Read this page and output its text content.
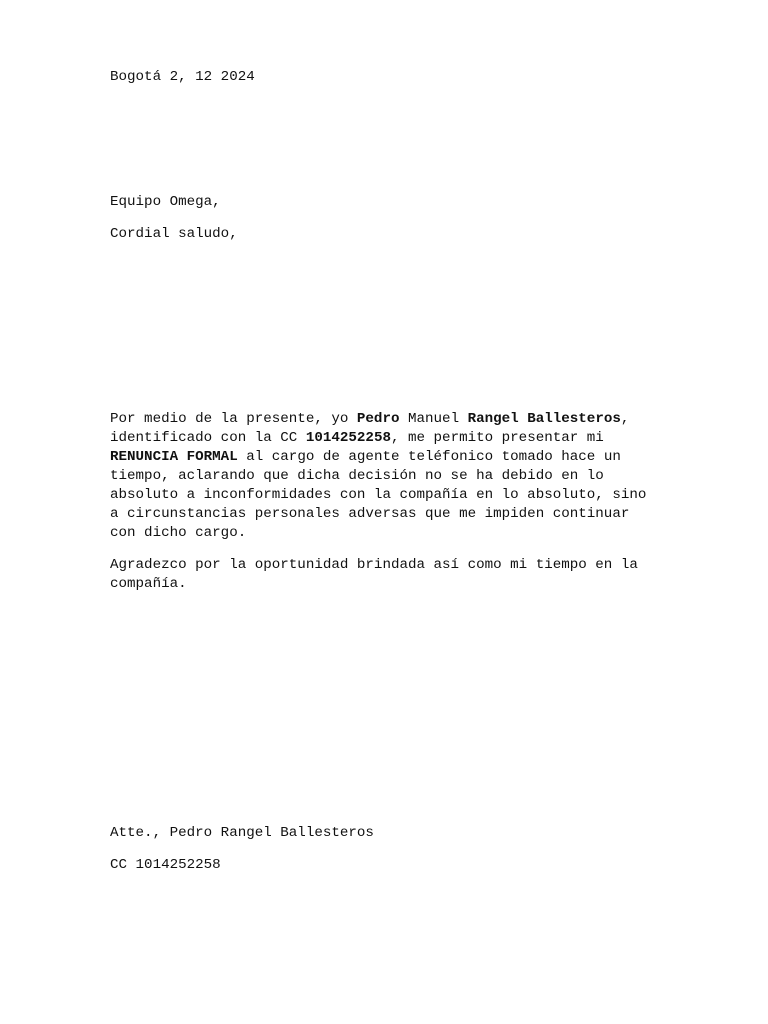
Bogotá 2, 12 2024
Equipo Omega,
Cordial saludo,
Por medio de la presente, yo Pedro Manuel Rangel Ballesteros,
identificado con la CC 1014252258, me permito presentar mi
RENUNCIA FORMAL al cargo de agente teléfonico tomado hace un
tiempo, aclarando que dicha decisión no se ha debido en lo
absoluto a inconformidades con la compañía en lo absoluto, sino
a circunstancias personales adversas que me impiden continuar
con dicho cargo.
Agradezco por la oportunidad brindada así como mi tiempo en la
compañía.
Atte., Pedro Rangel Ballesteros
CC 1014252258
